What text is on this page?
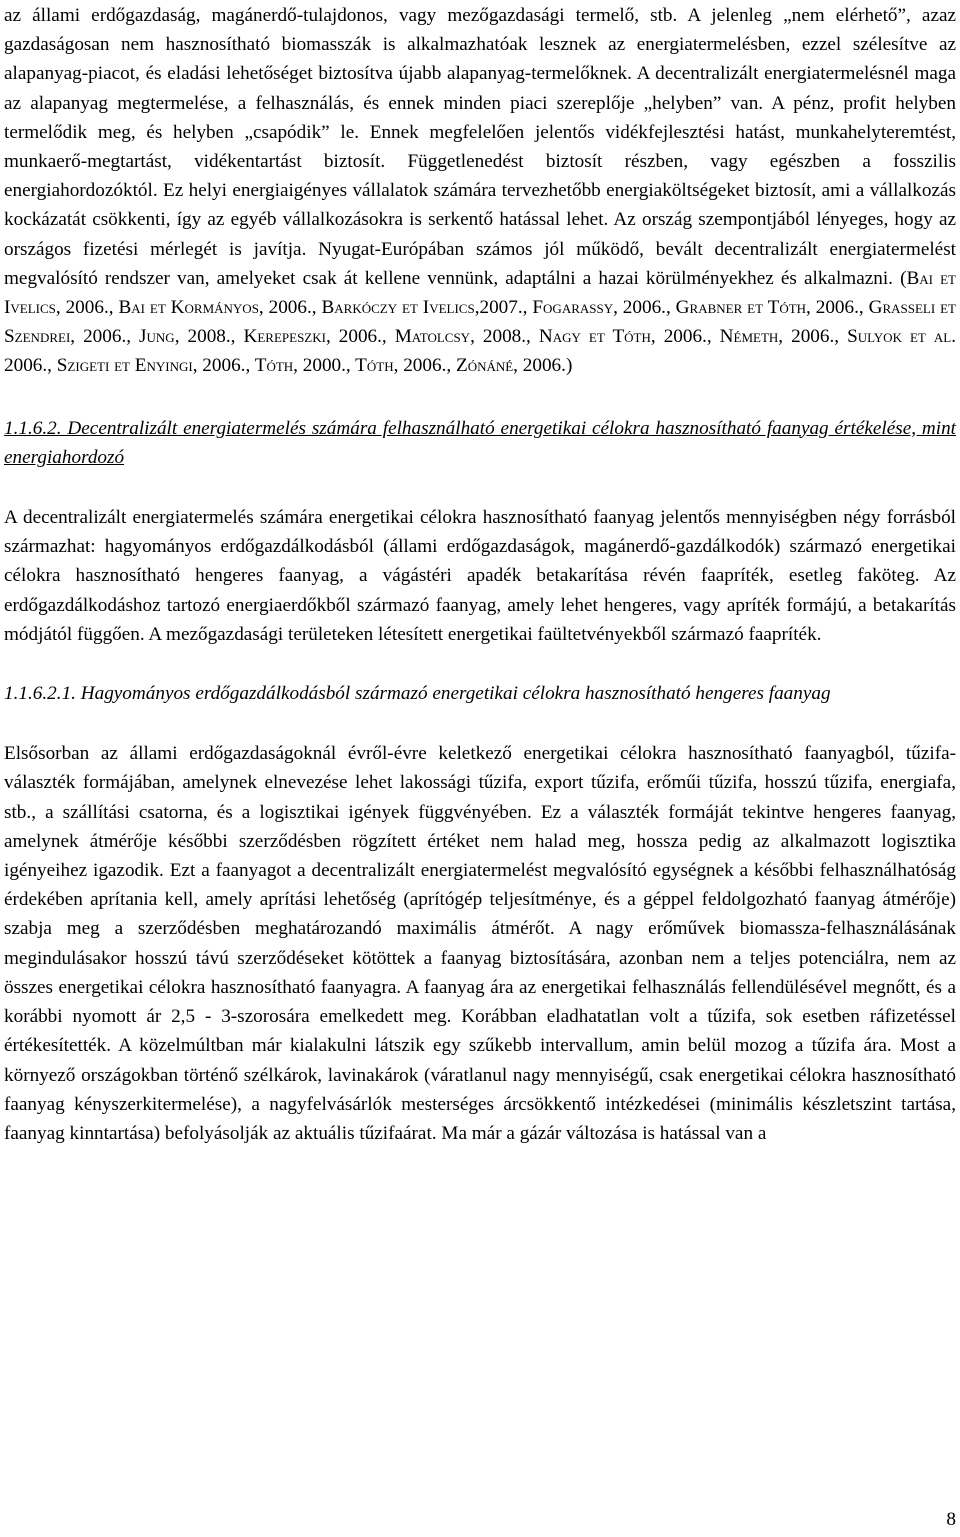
az állami erdőgazdaság, magánerdő-tulajdonos, vagy mezőgazdasági termelő, stb. A jelenleg „nem elérhető”, azaz gazdaságosan nem hasznosítható biomasszák is alkalmazhatóak lesznek az energiatermelésben, ezzel szélesítve az alapanyag-piacot, és eladási lehetőséget biztosítva újabb alapanyag-termelőknek. A decentralizált energiatermelésnél maga az alapanyag megtermelése, a felhasználás, és ennek minden piaci szereplője „helyben” van. A pénz, profit helyben termelődik meg, és helyben „csapódik” le. Ennek megfelelően jelentős vidékfejlesztési hatást, munkahelyteremtést, munkaerő-megtartást, vidékentartást biztosít. Függetlenedést biztosít részben, vagy egészben a fosszilis energiahordozóktól. Ez helyi energiaigényes vállalatok számára tervezhetőbb energiaköltségeket biztosít, ami a vállalkozás kockázatát csökkenti, így az egyéb vállalkozásokra is serkentő hatással lehet. Az ország szempontjából lényeges, hogy az országos fizetési mérlegét is javítja. Nyugat-Európában számos jól működő, bevált decentralizált energiatermelést megvalósító rendszer van, amelyeket csak át kellene vennünk, adaptálni a hazai körülményekhez és alkalmazni. (Bai et Ivelics, 2006., Bai et Kormányos, 2006., Barkóczy et Ivelics,2007., Fogarassy, 2006., Grabner et Tóth, 2006., Grasseli et Szendrei, 2006., Jung, 2008., Kerepeszki, 2006., Matolcsy, 2008., Nagy et Tóth, 2006., Németh, 2006., Sulyok et al. 2006., Szigeti et Enyingi, 2006., Tóth, 2000., Tóth, 2006., Zónáné, 2006.)

1.1.6.2. Decentralizált energiatermelés számára felhasználható energetikai célokra hasznosítható faanyag értékelése, mint energiahordozó

A decentralizált energiatermelés számára energetikai célokra hasznosítható faanyag jelentős mennyiségben négy forrásból származhat: hagyományos erdőgazdálkodásból (állami erdőgazdaságok, magánerdő-gazdálkodók) származó energetikai célokra hasznosítható hengeres faanyag, a vágástéri apadék betakarítása révén faapríték, esetleg faköteg. Az erdőgazdálkodáshoz tartozó energiaerdőkből származó faanyag, amely lehet hengeres, vagy apríték formájú, a betakarítás módjától függően. A mezőgazdasági területeken létesített energetikai faültetvényekből származó faapríték.

1.1.6.2.1. Hagyományos erdőgazdálkodásból származó energetikai célokra hasznosítható hengeres faanyag

Elsősorban az állami erdőgazdaságoknál évről-évre keletkező energetikai célokra hasznosítható faanyagból, tűzifa-választék formájában, amelynek elnevezése lehet lakossági tűzifa, export tűzifa, erőműi tűzifa, hosszú tűzifa, energiafa, stb., a szállítási csatorna, és a logisztikai igények függvényében. Ez a választék formáját tekintve hengeres faanyag, amelynek átmérője későbbi szerződésben rögzített értéket nem halad meg, hossza pedig az alkalmazott logisztika igényeihez igazodik. Ezt a faanyagot a decentralizált energiatermelést megvalósító egységnek a későbbi felhasználhatóság érdekében aprítania kell, amely aprítási lehetőség (aprítógép teljesítménye, és a géppel feldolgozható faanyag átmérője) szabja meg a szerződésben meghatározandó maximális átmérőt. A nagy erőművek biomassza-felhasználásának megindulásakor hosszú távú szerződéseket kötöttek a faanyag biztosítására, azonban nem a teljes potenciálra, nem az összes energetikai célokra hasznosítható faanyagra. A faanyag ára az energetikai felhasználás fellendülésével megnőtt, és a korábbi nyomott ár 2,5 - 3-szorosára emelkedett meg. Korábban eladhatatlan volt a tűzifa, sok esetben ráfizetéssel értékesítették. A közelmúltban már kialakulni látszik egy szűkebb intervallum, amin belül mozog a tűzifa ára. Most a környező országokban történő szélkárok, lavinakárok (váratlanul nagy mennyiségű, csak energetikai célokra hasznosítható faanyag kényszerkitermelése), a nagyfelvásárlók mesterséges árcsökkentő intézkedései (minimális készletszint tartása, faanyag kinntartása) befolyásolják az aktuális tűzifaárat. Ma már a gázár változása is hatással van a

8
